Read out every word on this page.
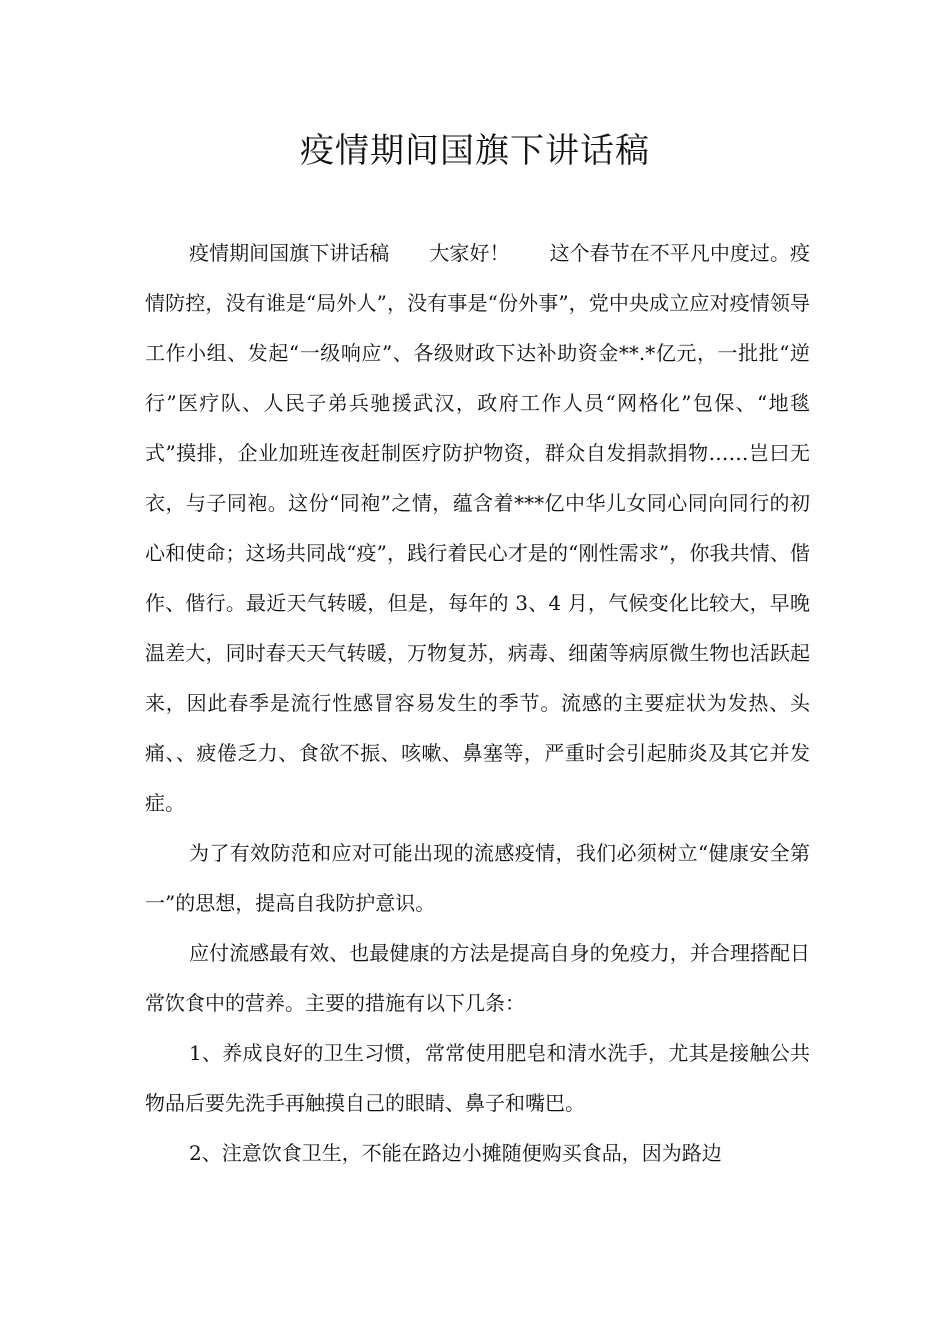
疫情期间国旗下讲话稿

疫情期间国旗下讲话稿　　大家好！　　这个春节在不平凡中度过。疫情防控，没有谁是“局外人”，没有事是“份外事”，党中央成立应对疫情领导工作小组、发起“一级响应”、各级财政下达补助资金**.*亿元，一批批“逆行”医疗队、人民子弟兵驰援武汉，政府工作人员“网格化”包保、“地毯式”摸排，企业加班连夜赶制医疗防护物资，群众自发捐款捐物……岂曰无衣，与子同袍。这份“同袍”之情，蕴含着***亿中华儿女同心同向同行的初心和使命；这场共同战“疫”，践行着民心才是的“刚性需求”，你我共情、偕作、偕行。最近天气转暖，但是，每年的 3、4 月，气候变化比较大，早晚温差大，同时春天天气转暖，万物复苏，病毒、细菌等病原微生物也活跃起来，因此春季是流行性感冒容易发生的季节。流感的主要症状为发热、头痛、、疲倦乏力、食欲不振、咳嗽、鼻塞等，严重时会引起肺炎及其它并发症。

为了有效防范和应对可能出现的流感疫情，我们必须树立“健康安全第一”的思想，提高自我防护意识。

应付流感最有效、也最健康的方法是提高自身的免疫力，并合理搭配日常饮食中的营养。主要的措施有以下几条：

1、养成良好的卫生习惯，常常使用肥皂和清水洗手，尤其是接触公共物品后要先洗手再触摸自己的眼睛、鼻子和嘴巴。

2、注意饮食卫生，不能在路边小摊随便购买食品，因为路边
